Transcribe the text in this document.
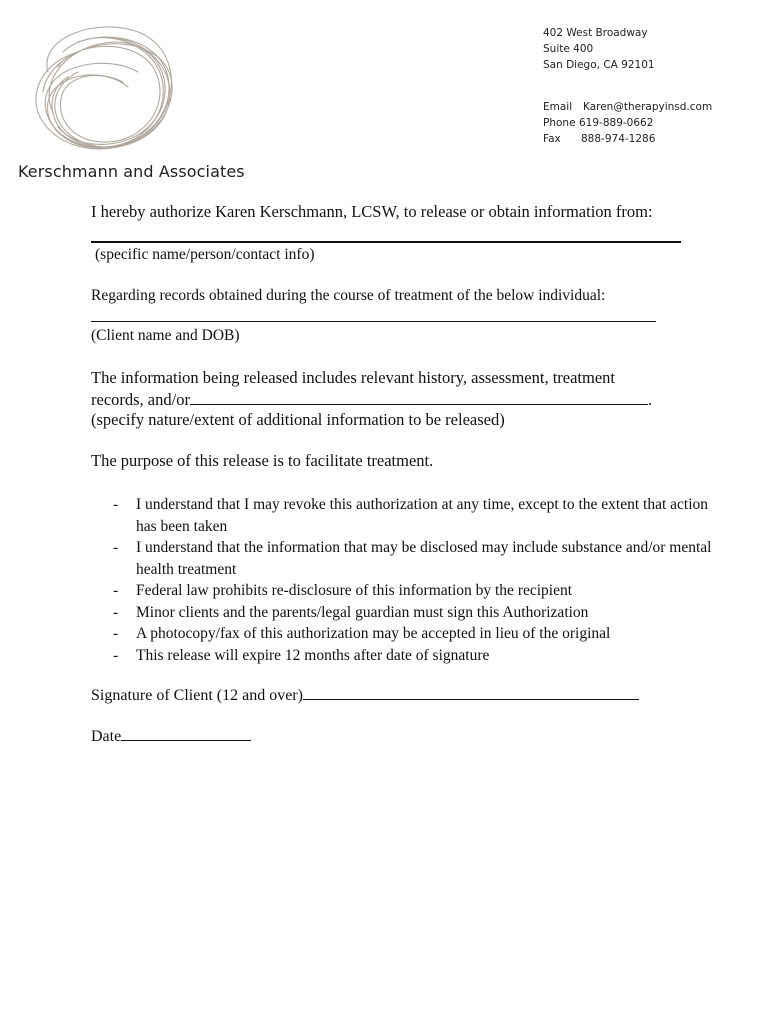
Kerschmann and Associates
402 West Broadway
Suite 400
San Diego, CA 92101
Email Karen@therapyinsd.com
Phone 619-889-0662
Fax 888-974-1286
I hereby authorize Karen Kerschmann, LCSW, to release or obtain information from:
(specific name/person/contact info)
Regarding records obtained during the course of treatment of the below individual:
(Client name and DOB)
The information being released includes relevant history, assessment, treatment
records, and/or	.
(specify nature/extent of additional information to be released)
The purpose of this release is to facilitate treatment.
- I understand that I may revoke this authorization at any time, except to the extent that action has been taken
- I understand that the information that may be disclosed may include substance and/or mental health treatment
- Federal law prohibits re-disclosure of this information by the recipient
- Minor clients and the parents/legal guardian must sign this Authorization
- A photocopy/fax of this authorization may be accepted in lieu of the original
- This release will expire 12 months after date of signature
Signature of Client (12 and over)
Date
